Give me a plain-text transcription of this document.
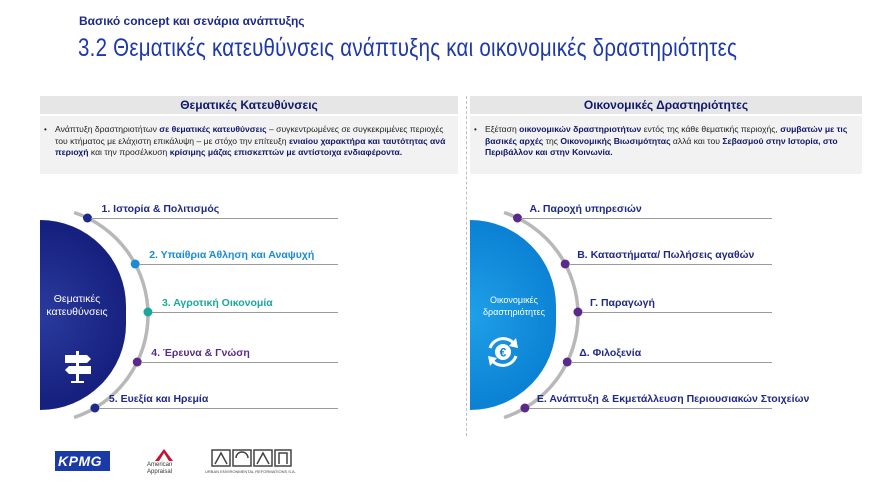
Βασικό concept και σενάρια ανάπτυξης
3.2 Θεματικές κατευθύνσεις ανάπτυξης και οικονομικές δραστηριότητες
Θεματικές Κατευθύνσεις
• Ανάπτυξη δραστηριοτήτων σε θεματικές κατευθύνσεις – συγκεντρωμένες σε συγκεκριμένες περιοχές του κτήματος με ελάχιστη επικάλυψη – με στόχο την επίτευξη ενιαίου χαρακτήρα και ταυτότητας ανά περιοχή και την προσέλκυση κρίσιμης μάζας επισκεπτών με αντίστοιχα ενδιαφέροντα.
Οικονομικές Δραστηριότητες
• Εξέταση οικονομικών δραστηριοτήτων εντός της κάθε θεματικής περιοχής, συμβατών με τις βασικές αρχές της Οικονομικής Βιωσιμότητας αλλά και του Σεβασμού στην Ιστορία, στο Περιβάλλον και στην Κοινωνία.
Θεματικές κατευθύνσεις
1. Ιστορία & Πολιτισμός
2. Υπαίθρια Άθληση και Αναψυχή
3. Αγροτική Οικονομία
4. Έρευνα & Γνώση
5. Ευεξία και Ηρεμία
Οικονομικές δραστηριότητες
€
Α. Παροχή υπηρεσιών
Β. Καταστήματα/ Πωλήσεις αγαθών
Γ. Παραγωγή
Δ. Φιλοξενία
Ε. Ανάπτυξη & Εκμετάλλευση Περιουσιακών Στοιχείων
KPMG	American
Appraisal	URBAN ENVIRONMENTAL REFORMATIONS S.A.
